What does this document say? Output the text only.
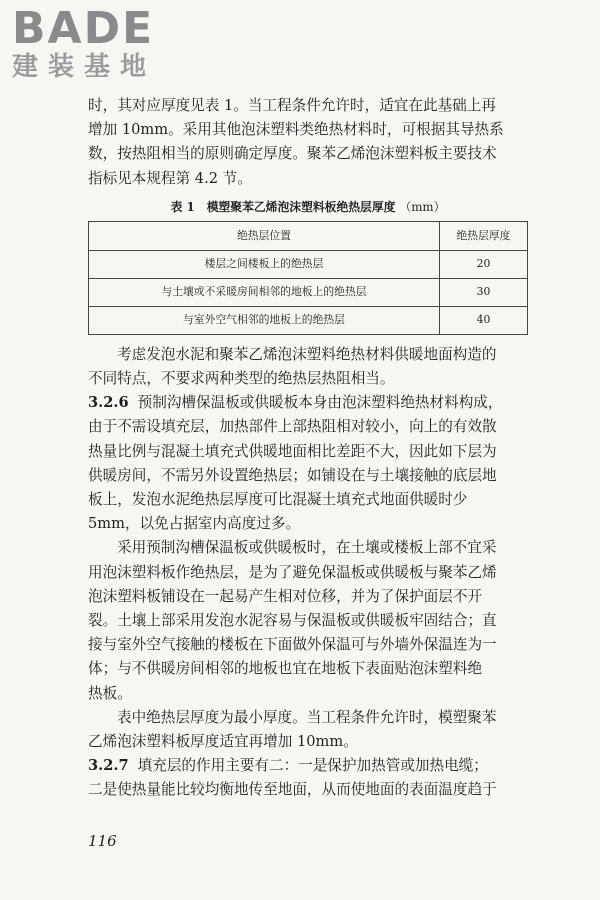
BADE
建装基地
时，其对应厚度见表 1。当工程条件允许时，适宜在此基础上再
增加 10mm。采用其他泡沫塑料类绝热材料时，可根据其导热系
数，按热阻相当的原则确定厚度。聚苯乙烯泡沫塑料板主要技术
指标见本规程第 4.2 节。
表 1 模塑聚苯乙烯泡沫塑料板绝热层厚度 （mm）
绝热层位置	绝热层厚度
楼层之间楼板上的绝热层	20
与土壤或不采暖房间相邻的地板上的绝热层	30
与室外空气相邻的地板上的绝热层	40
考虑发泡水泥和聚苯乙烯泡沫塑料绝热材料供暖地面构造的
不同特点，不要求两种类型的绝热层热阻相当。
3.2.6 预制沟槽保温板或供暖板本身由泡沫塑料绝热材料构成，
由于不需设填充层，加热部件上部热阻相对较小，向上的有效散
热量比例与混凝土填充式供暖地面相比差距不大，因此如下层为
供暖房间，不需另外设置绝热层；如铺设在与土壤接触的底层地
板上，发泡水泥绝热层厚度可比混凝土填充式地面供暖时少
5mm，以免占据室内高度过多。
采用预制沟槽保温板或供暖板时，在土壤或楼板上部不宜采
用泡沫塑料板作绝热层，是为了避免保温板或供暖板与聚苯乙烯
泡沫塑料板铺设在一起易产生相对位移，并为了保护面层不开
裂。土壤上部采用发泡水泥容易与保温板或供暖板牢固结合；直
接与室外空气接触的楼板在下面做外保温可与外墙外保温连为一
体；与不供暖房间相邻的地板也宜在地板下表面贴泡沫塑料绝
热板。
表中绝热层厚度为最小厚度。当工程条件允许时，模塑聚苯
乙烯泡沫塑料板厚度适宜再增加 10mm。
3.2.7 填充层的作用主要有二：一是保护加热管或加热电缆；
二是使热量能比较均衡地传至地面，从而使地面的表面温度趋于
116
